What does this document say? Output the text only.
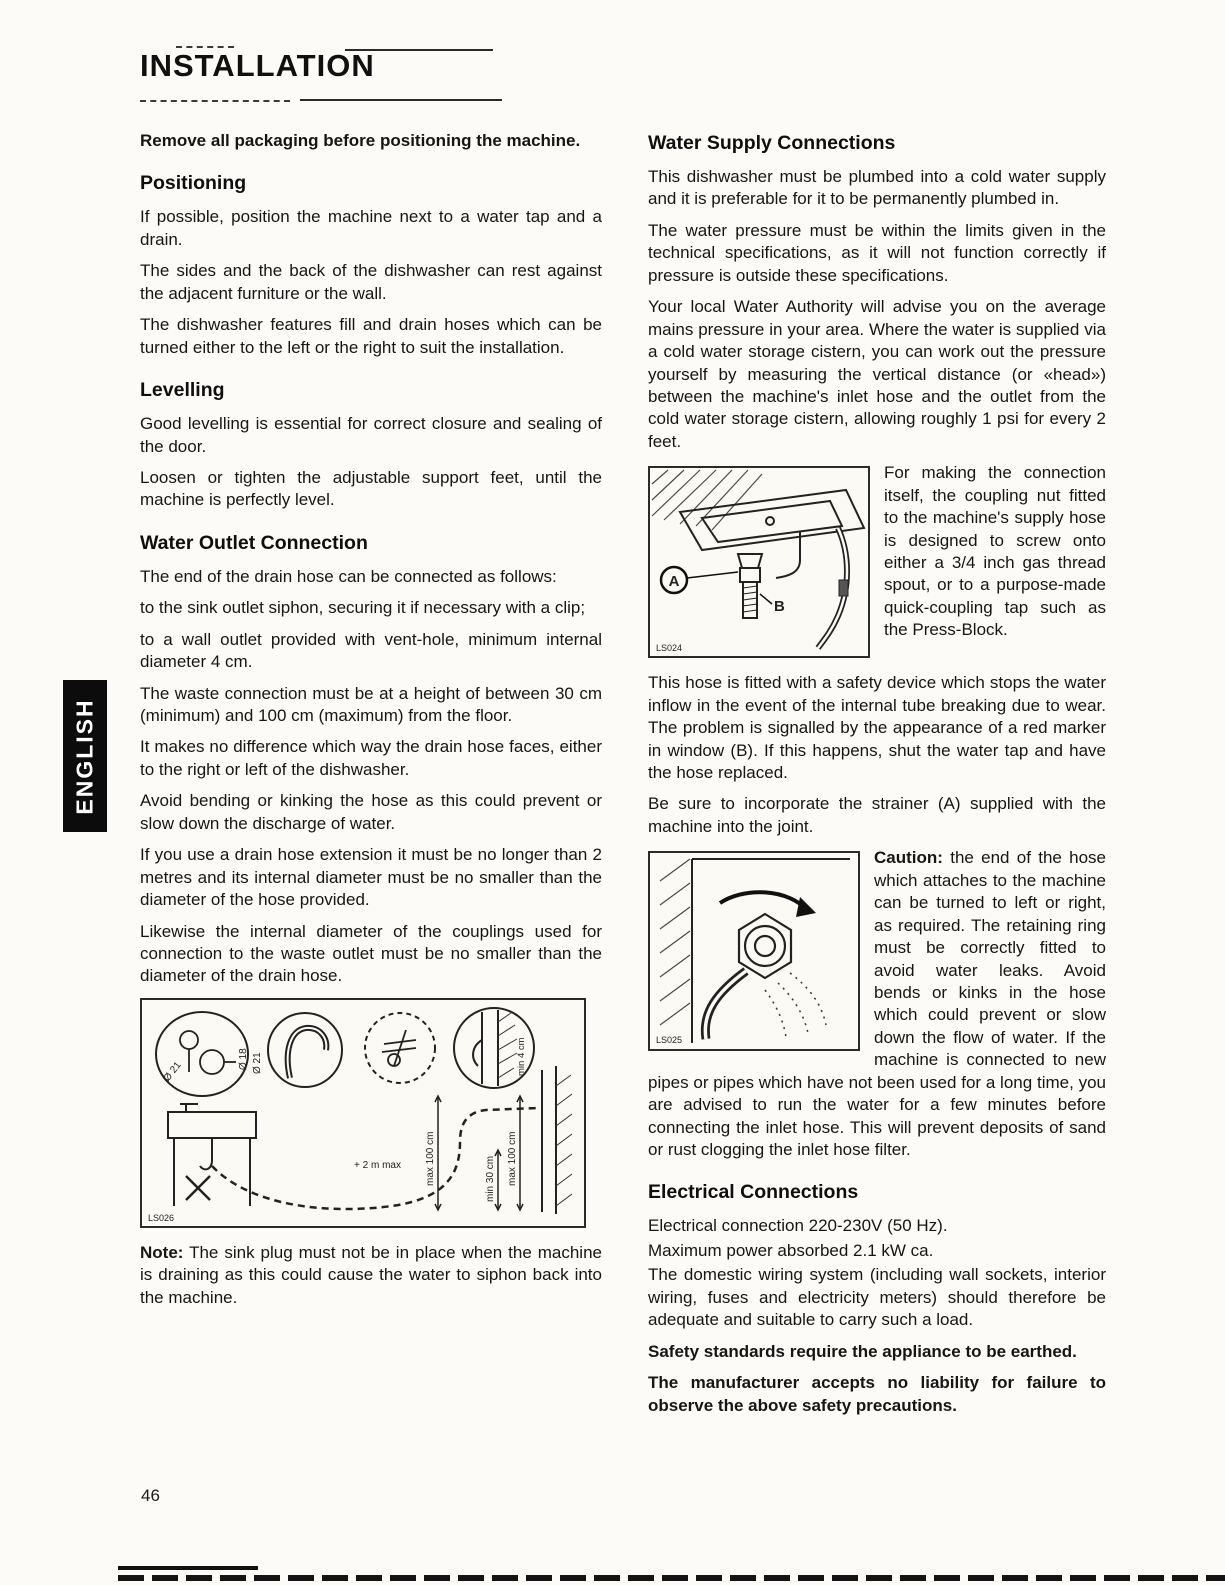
INSTALLATION
ENGLISH

Remove all packaging before positioning the machine.

Positioning

If possible, position the machine next to a water tap and a drain.

The sides and the back of the dishwasher can rest against the adjacent furniture or the wall.

The dishwasher features fill and drain hoses which can be turned either to the left or the right to suit the installation.

Levelling

Good levelling is essential for correct closure and sealing of the door.

Loosen or tighten the adjustable support feet, until the machine is perfectly level.

Water Outlet Connection

The end of the drain hose can be connected as follows:

to the sink outlet siphon, securing it if necessary with a clip;

to a wall outlet provided with vent-hole, minimum internal diameter 4 cm.

The waste connection must be at a height of between 30 cm (minimum) and 100 cm (maximum) from the floor.

It makes no difference which way the drain hose faces, either to the right or left of the dishwasher.

Avoid bending or kinking the hose as this could prevent or slow down the discharge of water.

If you use a drain hose extension it must be no longer than 2 metres and its internal diameter must be no smaller than the diameter of the hose provided.

Likewise the internal diameter of the couplings used for connection to the waste outlet must be no smaller than the diameter of the drain hose.

Ø 21
Ø 18 Ø 21	min 4 cm
+ 2 m max max 100 cm	min 30 cm max 100 cm
LS026

Note: The sink plug must not be in place when the machine is draining as this could cause the water to siphon back into the machine.

Water Supply Connections

This dishwasher must be plumbed into a cold water supply and it is preferable for it to be permanently plumbed in.

The water pressure must be within the limits given in the technical specifications, as it will not function correctly if pressure is outside these specifications.

Your local Water Authority will advise you on the average mains pressure in your area. Where the water is supplied via a cold water storage cistern, you can work out the pressure yourself by measuring the vertical distance (or «head») between the machine's inlet hose and the outlet from the cold water storage cistern, allowing roughly 1 psi for every 2 feet.

A
B
LS024

For making the connection itself, the coupling nut fitted to the machine's supply hose is designed to screw onto either a 3/4 inch gas thread spout, or to a purpose-made quick-coupling tap such as the Press-Block.

This hose is fitted with a safety device which stops the water inflow in the event of the internal tube breaking due to wear. The problem is signalled by the appearance of a red marker in window (B). If this happens, shut the water tap and have the hose replaced.

Be sure to incorporate the strainer (A) supplied with the machine into the joint.

LS025

Caution: the end of the hose which attaches to the machine can be turned to left or right, as required. The retaining ring must be correctly fitted to avoid water leaks. Avoid bends or kinks in the hose which could prevent or slow down the flow of water. If the machine is connected to new pipes or pipes which have not been used for a long time, you are advised to run the water for a few minutes before connecting the inlet hose. This will prevent deposits of sand or rust clogging the inlet hose filter.

Electrical Connections

Electrical connection 220-230V (50 Hz).

Maximum power absorbed 2.1 kW ca.

The domestic wiring system (including wall sockets, interior wiring, fuses and electricity meters) should therefore be adequate and suitable to carry such a load.

Safety standards require the appliance to be earthed.

The manufacturer accepts no liability for failure to observe the above safety precautions.

46
